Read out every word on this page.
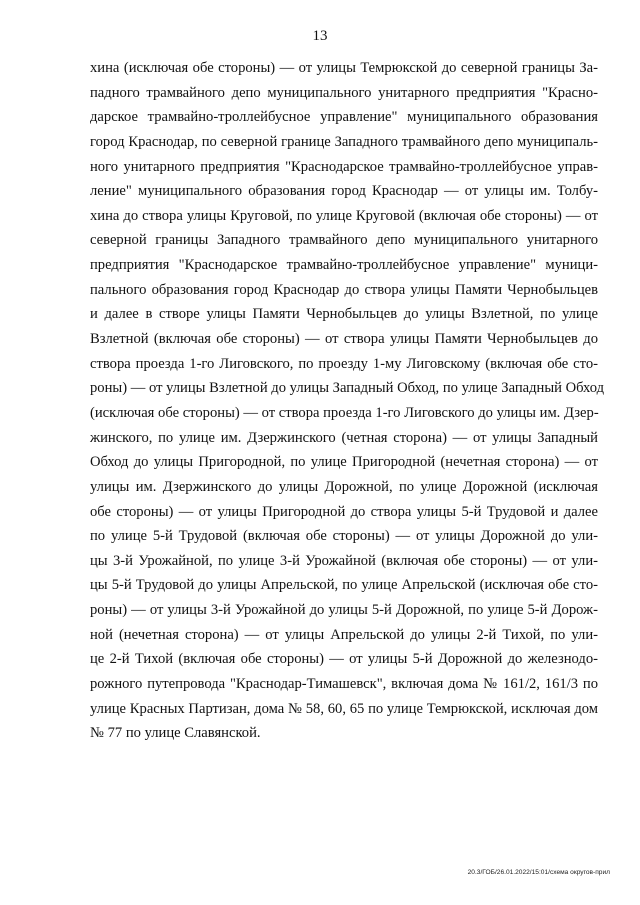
13
хина (исключая обе стороны) — от улицы Темрюкской до северной границы За-
падного трамвайного депо муниципального унитарного предприятия "Красно-
дарское трамвайно-троллейбусное управление" муниципального образования
город Краснодар, по северной границе Западного трамвайного депо муниципаль-
ного унитарного предприятия "Краснодарское трамвайно-троллейбусное управ-
ление" муниципального образования город Краснодар — от улицы им. Толбу-
хина до створа улицы Круговой, по улице Круговой (включая обе стороны) — от
северной границы Западного трамвайного депо муниципального унитарного
предприятия "Краснодарское трамвайно-троллейбусное управление" муници-
пального образования город Краснодар до створа улицы Памяти Чернобыльцев
и далее в створе улицы Памяти Чернобыльцев до улицы Взлетной, по улице
Взлетной (включая обе стороны) — от створа улицы Памяти Чернобыльцев до
створа проезда 1-го Лиговского, по проезду 1-му Лиговскому (включая обе сто-
роны) — от улицы Взлетной до улицы Западный Обход, по улице Западный Обход
(исключая обе стороны) — от створа проезда 1-го Лиговского до улицы им. Дзер-
жинского, по улице им. Дзержинского (четная сторона) — от улицы Западный
Обход до улицы Пригородной, по улице Пригородной (нечетная сторона) — от
улицы им. Дзержинского до улицы Дорожной, по улице Дорожной (исключая
обе стороны) — от улицы Пригородной до створа улицы 5-й Трудовой и далее
по улице 5-й Трудовой (включая обе стороны) — от улицы Дорожной до ули-
цы 3-й Урожайной, по улице 3-й Урожайной (включая обе стороны) — от ули-
цы 5-й Трудовой до улицы Апрельской, по улице Апрельской (исключая обе сто-
роны) — от улицы 3-й Урожайной до улицы 5-й Дорожной, по улице 5-й Дорож-
ной (нечетная сторона) — от улицы Апрельской до улицы 2-й Тихой, по ули-
це 2-й Тихой (включая обе стороны) — от улицы 5-й Дорожной до железнодо-
рожного путепровода "Краснодар-Тимашевск", включая дома № 161/2, 161/3 по
улице Красных Партизан, дома № 58, 60, 65 по улице Темрюкской, исключая дом
№ 77 по улице Славянской.
20.3/ГОБ/26.01.2022/15:01/схема округов-прил
